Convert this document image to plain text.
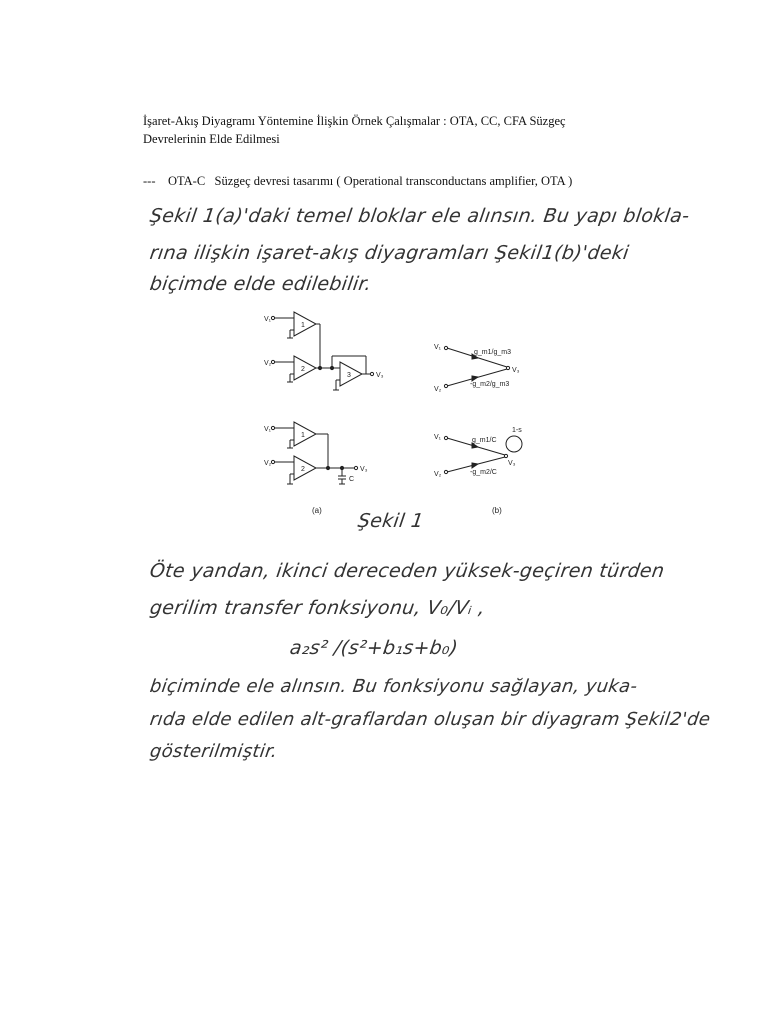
İşaret-Akış Diyagramı Yöntemine İlişkin Örnek Çalışmalar : OTA, CC, CFA Süzgeç
Devrelerinin Elde Edilmesi
---    OTA-C   Süzgeç devresi tasarımı ( Operational transconductans amplifier, OTA )
Şekil 1(a)'daki temel bloklar ele alınsın. Bu yapı blokla-
rına ilişkin işaret-akış diyagramları Şekil1(b)'deki
biçimde elde edilebilir.
1
V₁
2
V₂
3	V₃
1
V₁
2
V₂
C
V₃
V₁
V₂
V₃
g_m1/g_m3
-g_m2/g_m3
V₁
V₂
V₃
1-s
g_m1/C
-g_m2/C
(a)	(b)
Şekil 1
Öte yandan, ikinci dereceden yüksek-geçiren türden
gerilim transfer fonksiyonu, V₀/Vᵢ ,
a₂s² /(s²+b₁s+b₀)
biçiminde ele alınsın. Bu fonksiyonu sağlayan, yuka-
rıda elde edilen alt-graflardan oluşan bir diyagram Şekil2'de
gösterilmiştir.
